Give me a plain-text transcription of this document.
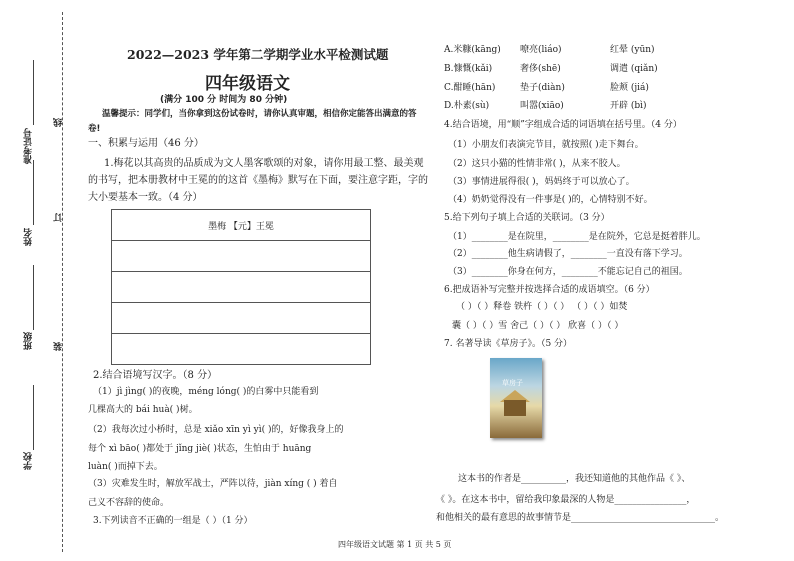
准考证号
线
姓名
订
班级 装
学校
2022—2023 学年第二学期学业水平检测试题
四年级语文
(满分 100 分 时间为 80 分钟)
温馨提示：同学们，当你拿到这份试卷时，请你认真审题，相信你定能答出满意的答
卷!
一、积累与运用（46 分）
1.梅花以其高贵的品质成为文人墨客歌颂的对象，请你用最工整、最美观
的书写，把本册教材中王冕的的这首《墨梅》默写在下面，要注意字距，字的
大小要基本一致。（4 分）
墨梅 【元】王冕

2.结合语境写汉字。（8 分）
（1）jì jìng( )的夜晚，méng lóng( )的白雾中只能看到
几棵高大的 bái huà( )树。
（2）我每次过小桥时，总是 xiǎo xīn yì yì( )的，好像我身上的
每个 xì bāo( )都处于 jǐng jiè( )状态，生怕由于 huāng
luàn( )而掉下去。
（3）灾难发生时，解放军战士，严阵以待，jiàn xíng ( ) 着自
己义不容辞的使命。
3.下列读音不正确的一组是（ ）（1 分）
A.米糠(kāng) 嘹亮(liáo)	红晕 (yūn)
B.慷慨(kǎi)	奢侈(shē)	调遣 (qiǎn)
C.酣睡(hān)	垫子(diàn)	脸颊 (jiá)
D.朴素(sù)	叫嚣(xiāo)	开辟 (bì)
4.结合语境，用“顺”字组成合适的词语填在括号里。（4 分）
（1）小朋友们表演完节目，就按照( )走下舞台。
（2）这只小猫的性情非常( )，从来不胶人。
（3）事情进展得很( )，妈妈终于可以放心了。
（4）奶奶觉得没有一件事是( )的，心情特别不好。
5.给下列句子填上合适的关联词。（3 分）
（1）________是在院里，________是在院外，它总是挺着胖儿。
（2）________他生病请假了，________一直没有落下学习。
（3）________你身在何方，________不能忘记自己的祖国。
6.把成语补写完整并按选择合适的成语填空。（6 分）
（ ）（ ）释卷 铁杵（ ）（ ） （ ）（ ）如焚
囊（ ）（ ）雪 舍己（ ）（ ） 欣喜（ ）（ ）
7. 名著导读《草房子》。（5 分）
草房子
这本书的作者是__________，我还知道他的其他作品《 》、
《 》。在这本书中，留给我印象最深的人物是________________，
和他相关的最有意思的故事情节是________________________________。
四年级语文试题 第 1 页 共 5 页
